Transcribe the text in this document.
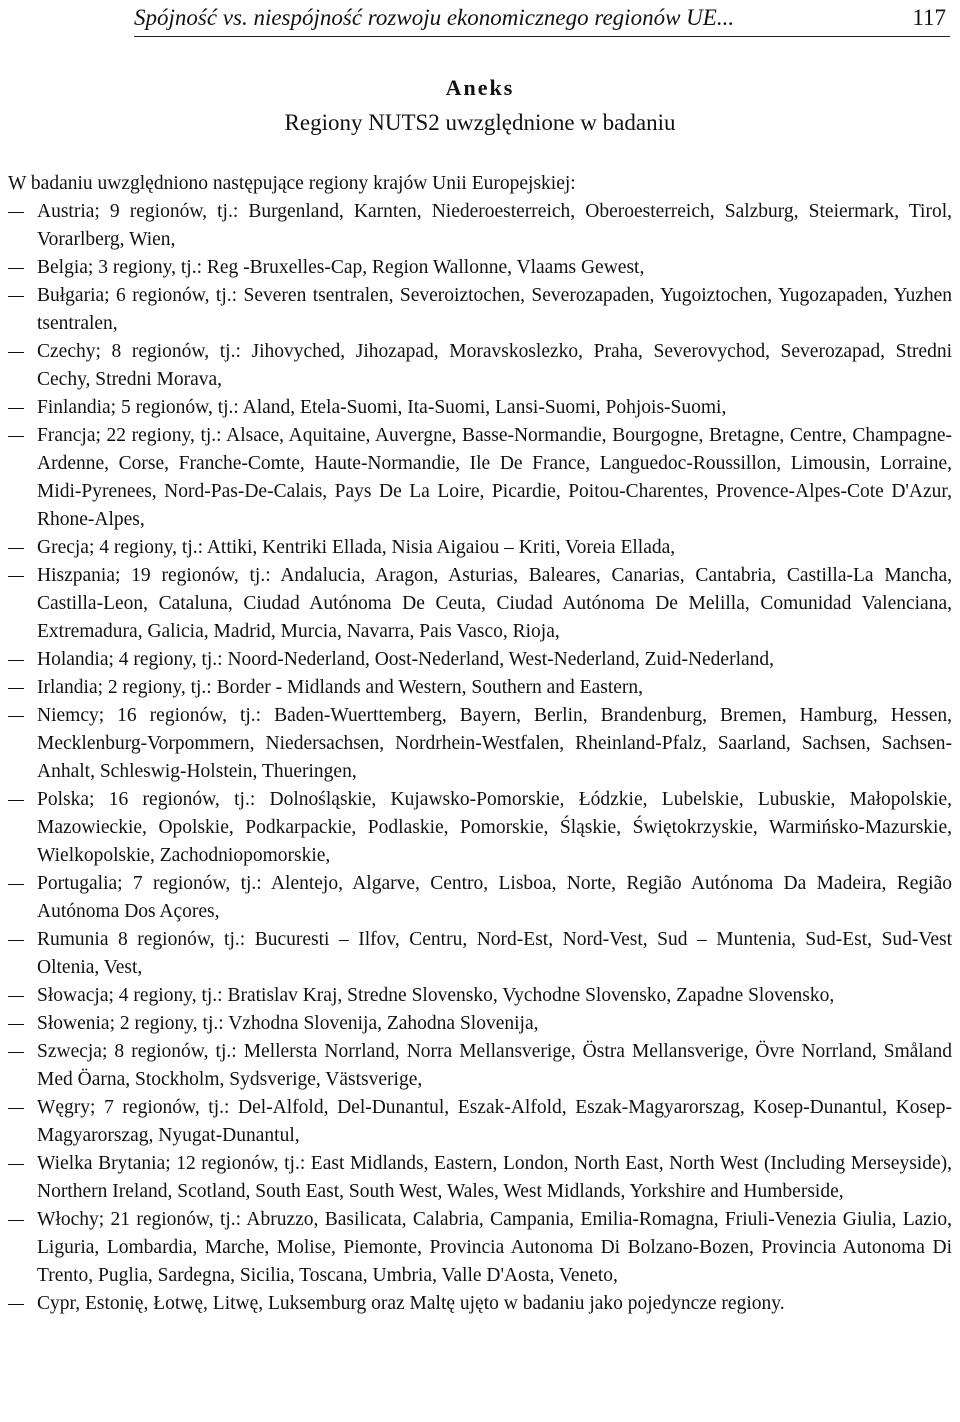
Spójność vs. niespójność rozwoju ekonomicznego regionów UE...	117
Aneks
Regiony NUTS2 uwzględnione w badaniu

W badaniu uwzględniono następujące regiony krajów Unii Europejskiej:

Austria; 9 regionów, tj.: Burgenland, Karnten, Niederoesterreich, Oberoesterreich, Salzburg, Steiermark, Tirol, Vorarlberg, Wien,
Belgia; 3 regiony, tj.: Reg -Bruxelles-Cap, Region Wallonne, Vlaams Gewest,
Bułgaria; 6 regionów, tj.: Severen tsentralen, Severoiztochen, Severozapaden, Yugoiztochen, Yugozapaden, Yuzhen tsentralen,
Czechy; 8 regionów, tj.: Jihovyched, Jihozapad, Moravskoslezko, Praha, Severovychod, Severozapad, Stredni Cechy, Stredni Morava,
Finlandia; 5 regionów, tj.: Aland, Etela-Suomi, Ita-Suomi, Lansi-Suomi, Pohjois-Suomi,
Francja; 22 regiony, tj.: Alsace, Aquitaine, Auvergne, Basse-Normandie, Bourgogne, Bretagne, Centre, Champagne-Ardenne, Corse, Franche-Comte, Haute-Normandie, Ile De France, Languedoc-Roussillon, Limousin, Lorraine, Midi-Pyrenees, Nord-Pas-De-Calais, Pays De La Loire, Picardie, Poitou-Charentes, Provence-Alpes-Cote D'Azur, Rhone-Alpes,
Grecja; 4 regiony, tj.: Attiki, Kentriki Ellada, Nisia Aigaiou – Kriti, Voreia Ellada,
Hiszpania; 19 regionów, tj.: Andalucia, Aragon, Asturias, Baleares, Canarias, Cantabria, Castilla-La Mancha, Castilla-Leon, Cataluna, Ciudad Autónoma De Ceuta, Ciudad Autónoma De Melilla, Comunidad Valenciana, Extremadura, Galicia, Madrid, Murcia, Navarra, Pais Vasco, Rioja,
Holandia; 4 regiony, tj.: Noord-Nederland, Oost-Nederland, West-Nederland, Zuid-Nederland,
Irlandia; 2 regiony, tj.: Border - Midlands and Western, Southern and Eastern,
Niemcy; 16 regionów, tj.: Baden-Wuerttemberg, Bayern, Berlin, Brandenburg, Bremen, Hamburg, Hessen, Mecklenburg-Vorpommern, Niedersachsen, Nordrhein-Westfalen, Rheinland-Pfalz, Saarland, Sachsen, Sachsen-Anhalt, Schleswig-Holstein, Thueringen,
Polska; 16 regionów, tj.: Dolnośląskie, Kujawsko-Pomorskie, Łódzkie, Lubelskie, Lubuskie, Małopolskie, Mazowieckie, Opolskie, Podkarpackie, Podlaskie, Pomorskie, Śląskie, Świętokrzyskie, Warmińsko-Mazurskie, Wielkopolskie, Zachodniopomorskie,
Portugalia; 7 regionów, tj.: Alentejo, Algarve, Centro, Lisboa, Norte, Região Autónoma Da Madeira, Região Autónoma Dos Açores,
Rumunia 8 regionów, tj.: Bucuresti – Ilfov, Centru, Nord-Est, Nord-Vest, Sud – Muntenia, Sud-Est, Sud-Vest Oltenia, Vest,
Słowacja; 4 regiony, tj.: Bratislav Kraj, Stredne Slovensko, Vychodne Slovensko, Zapadne Slovensko,
Słowenia; 2 regiony, tj.: Vzhodna Slovenija, Zahodna Slovenija,
Szwecja; 8 regionów, tj.: Mellersta Norrland, Norra Mellansverige, Östra Mellansverige, Övre Norrland, Småland Med Öarna, Stockholm, Sydsverige, Västsverige,
Węgry; 7 regionów, tj.: Del-Alfold, Del-Dunantul, Eszak-Alfold, Eszak-Magyarorszag, Kosep-Dunantul, Kosep-Magyarorszag, Nyugat-Dunantul,
Wielka Brytania; 12 regionów, tj.: East Midlands, Eastern, London, North East, North West (Including Merseyside), Northern Ireland, Scotland, South East, South West, Wales, West Midlands, Yorkshire and Humberside,
Włochy; 21 regionów, tj.: Abruzzo, Basilicata, Calabria, Campania, Emilia-Romagna, Friuli-Venezia Giulia, Lazio, Liguria, Lombardia, Marche, Molise, Piemonte, Provincia Autonoma Di Bolzano-Bozen, Provincia Autonoma Di Trento, Puglia, Sardegna, Sicilia, Toscana, Umbria, Valle D'Aosta, Veneto,
Cypr, Estonię, Łotwę, Litwę, Luksemburg oraz Maltę ujęto w badaniu jako pojedyncze regiony.
